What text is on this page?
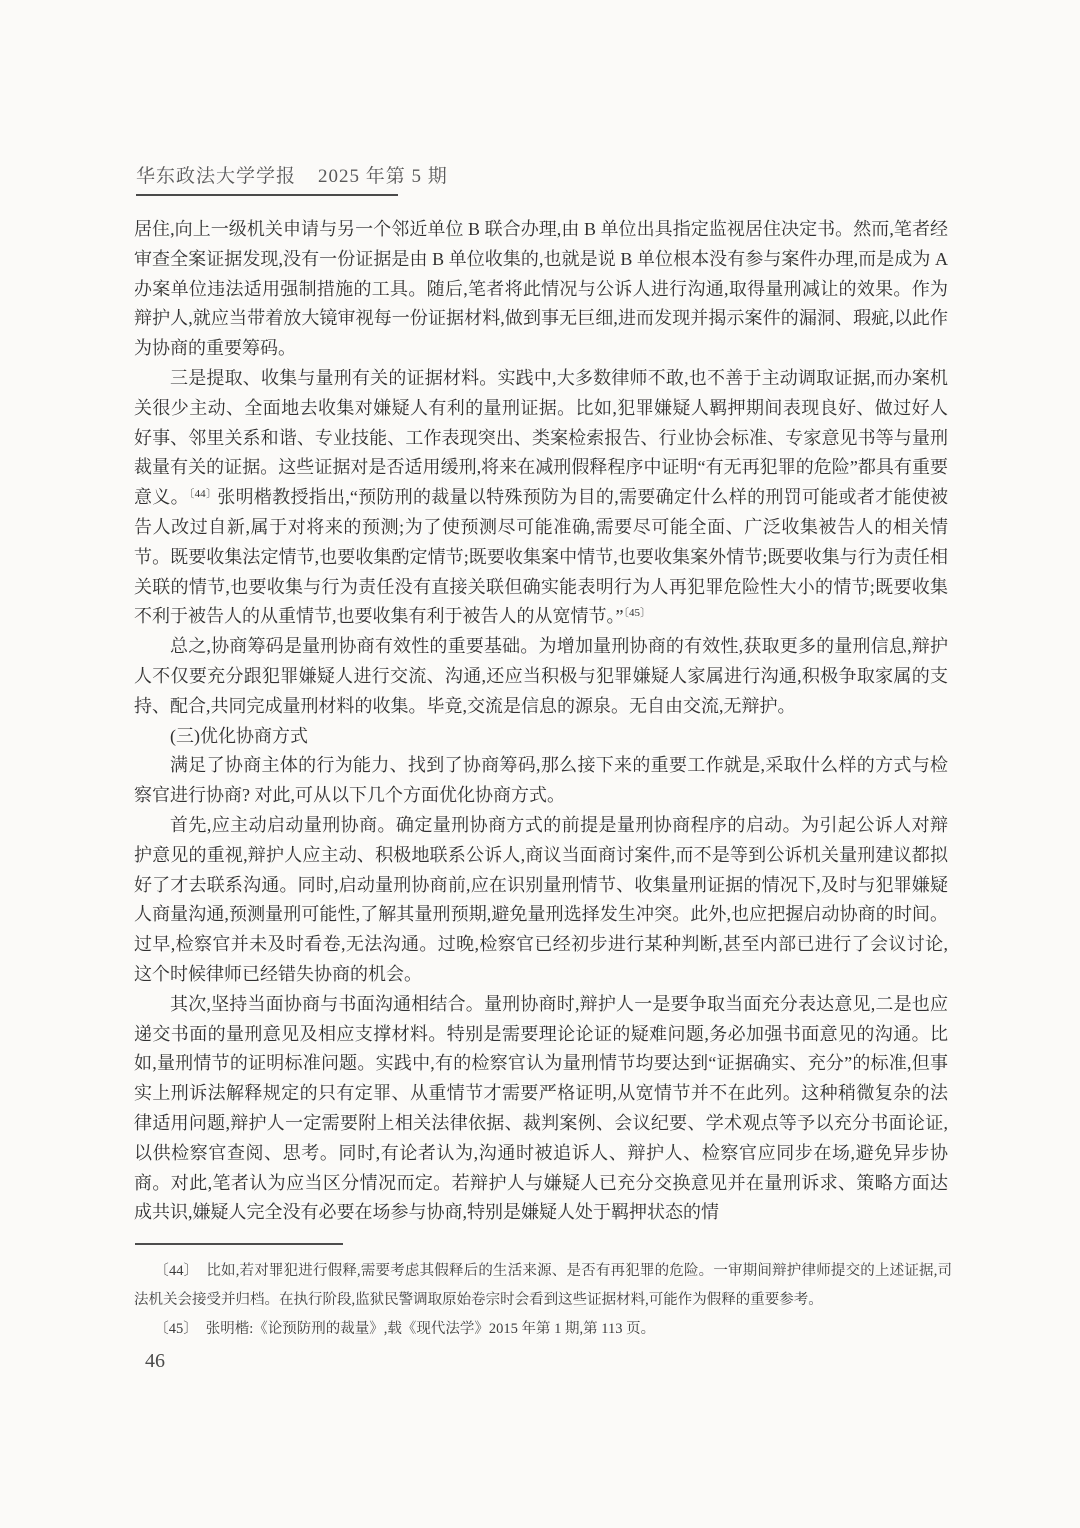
华东政法大学学报 2025 年第 5 期

居住,向上一级机关申请与另一个邻近单位 B 联合办理,由 B 单位出具指定监视居住决定书。然而,笔者经审查全案证据发现,没有一份证据是由 B 单位收集的,也就是说 B 单位根本没有参与案件办理,而是成为 A 办案单位违法适用强制措施的工具。随后,笔者将此情况与公诉人进行沟通,取得量刑减让的效果。作为辩护人,就应当带着放大镜审视每一份证据材料,做到事无巨细,进而发现并揭示案件的漏洞、瑕疵,以此作为协商的重要筹码。

三是提取、收集与量刑有关的证据材料。实践中,大多数律师不敢,也不善于主动调取证据,而办案机关很少主动、全面地去收集对嫌疑人有利的量刑证据。比如,犯罪嫌疑人羁押期间表现良好、做过好人好事、邻里关系和谐、专业技能、工作表现突出、类案检索报告、行业协会标准、专家意见书等与量刑裁量有关的证据。这些证据对是否适用缓刑,将来在减刑假释程序中证明“有无再犯罪的危险”都具有重要意义。$^{〔44〕}$张明楷教授指出,“预防刑的裁量以特殊预防为目的,需要确定什么样的刑罚可能或者才能使被告人改过自新,属于对将来的预测;为了使预测尽可能准确,需要尽可能全面、广泛收集被告人的相关情节。既要收集法定情节,也要收集酌定情节;既要收集案中情节,也要收集案外情节;既要收集与行为责任相关联的情节,也要收集与行为责任没有直接关联但确实能表明行为人再犯罪危险性大小的情节;既要收集不利于被告人的从重情节,也要收集有利于被告人的从宽情节。”$^{〔45〕}$

总之,协商筹码是量刑协商有效性的重要基础。为增加量刑协商的有效性,获取更多的量刑信息,辩护人不仅要充分跟犯罪嫌疑人进行交流、沟通,还应当积极与犯罪嫌疑人家属进行沟通,积极争取家属的支持、配合,共同完成量刑材料的收集。毕竟,交流是信息的源泉。无自由交流,无辩护。

(三)优化协商方式

满足了协商主体的行为能力、找到了协商筹码,那么接下来的重要工作就是,采取什么样的方式与检察官进行协商? 对此,可从以下几个方面优化协商方式。

首先,应主动启动量刑协商。确定量刑协商方式的前提是量刑协商程序的启动。为引起公诉人对辩护意见的重视,辩护人应主动、积极地联系公诉人,商议当面商讨案件,而不是等到公诉机关量刑建议都拟好了才去联系沟通。同时,启动量刑协商前,应在识别量刑情节、收集量刑证据的情况下,及时与犯罪嫌疑人商量沟通,预测量刑可能性,了解其量刑预期,避免量刑选择发生冲突。此外,也应把握启动协商的时间。过早,检察官并未及时看卷,无法沟通。过晚,检察官已经初步进行某种判断,甚至内部已进行了会议讨论,这个时候律师已经错失协商的机会。

其次,坚持当面协商与书面沟通相结合。量刑协商时,辩护人一是要争取当面充分表达意见,二是也应递交书面的量刑意见及相应支撑材料。特别是需要理论论证的疑难问题,务必加强书面意见的沟通。比如,量刑情节的证明标准问题。实践中,有的检察官认为量刑情节均要达到“证据确实、充分”的标准,但事实上刑诉法解释规定的只有定罪、从重情节才需要严格证明,从宽情节并不在此列。这种稍微复杂的法律适用问题,辩护人一定需要附上相关法律依据、裁判案例、会议纪要、学术观点等予以充分书面论证,以供检察官查阅、思考。同时,有论者认为,沟通时被追诉人、辩护人、检察官应同步在场,避免异步协商。对此,笔者认为应当区分情况而定。若辩护人与嫌疑人已充分交换意见并在量刑诉求、策略方面达成共识,嫌疑人完全没有必要在场参与协商,特别是嫌疑人处于羁押状态的情

〔44〕 比如,若对罪犯进行假释,需要考虑其假释后的生活来源、是否有再犯罪的危险。一审期间辩护律师提交的上述证据,司法机关会接受并归档。在执行阶段,监狱民警调取原始卷宗时会看到这些证据材料,可能作为假释的重要参考。

〔45〕 张明楷:《论预防刑的裁量》,载《现代法学》2015 年第 1 期,第 113 页。

46
